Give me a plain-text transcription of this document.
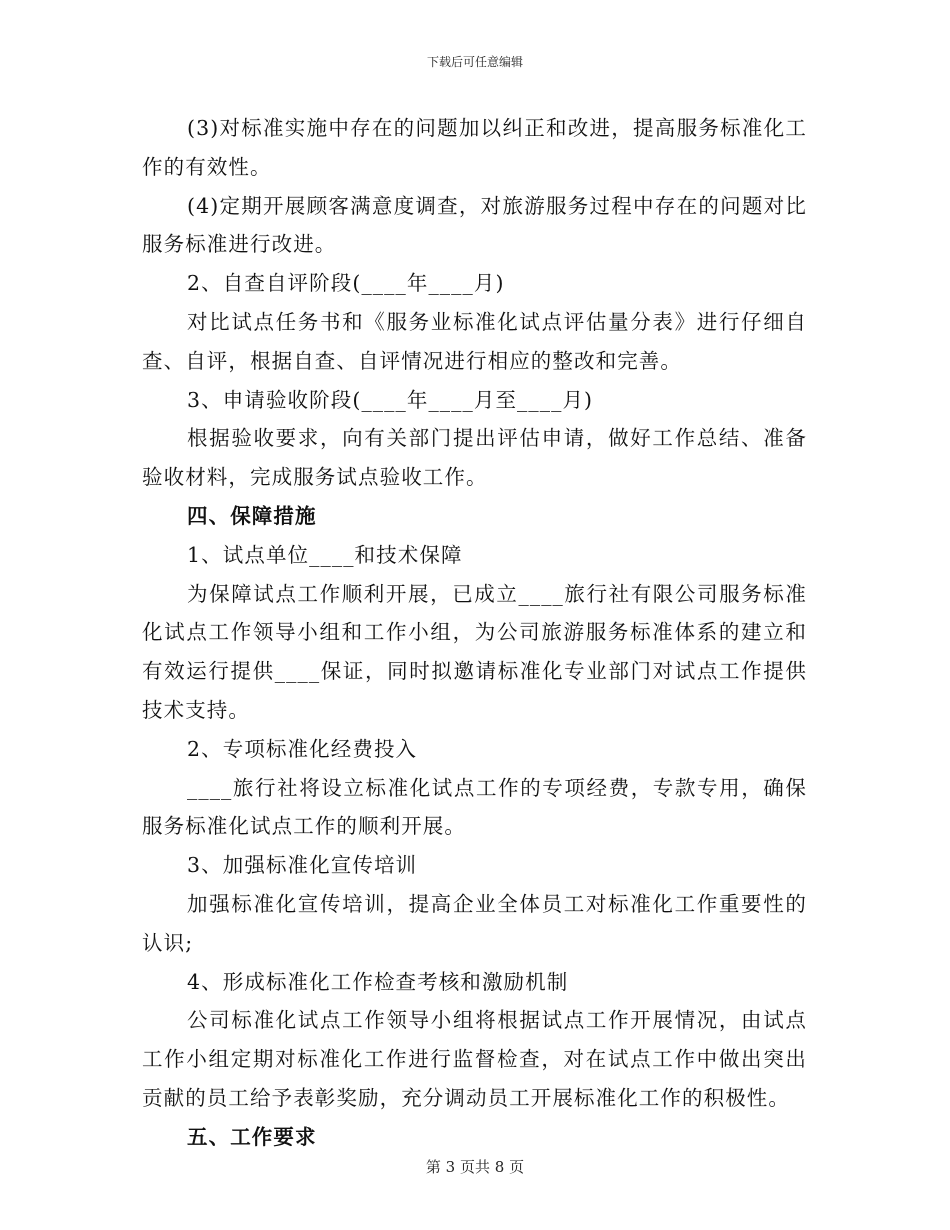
下载后可任意编辑

(3)对标准实施中存在的问题加以纠正和改进，提高服务标准化工作的有效性。

(4)定期开展顾客满意度调查，对旅游服务过程中存在的问题对比服务标准进行改进。

2、自查自评阶段(____年____月)

对比试点任务书和《服务业标准化试点评估量分表》进行仔细自查、自评，根据自查、自评情况进行相应的整改和完善。

3、申请验收阶段(____年____月至____月)

根据验收要求，向有关部门提出评估申请，做好工作总结、准备验收材料，完成服务试点验收工作。

四、保障措施

1、试点单位____和技术保障

为保障试点工作顺利开展，已成立____旅行社有限公司服务标准化试点工作领导小组和工作小组，为公司旅游服务标准体系的建立和有效运行提供____保证，同时拟邀请标准化专业部门对试点工作提供技术支持。

2、专项标准化经费投入

____旅行社将设立标准化试点工作的专项经费，专款专用，确保服务标准化试点工作的顺利开展。

3、加强标准化宣传培训

加强标准化宣传培训，提高企业全体员工对标准化工作重要性的认识;

4、形成标准化工作检查考核和激励机制

公司标准化试点工作领导小组将根据试点工作开展情况，由试点工作小组定期对标准化工作进行监督检查，对在试点工作中做出突出贡献的员工给予表彰奖励，充分调动员工开展标准化工作的积极性。

五、工作要求

第 3 页共 8 页
